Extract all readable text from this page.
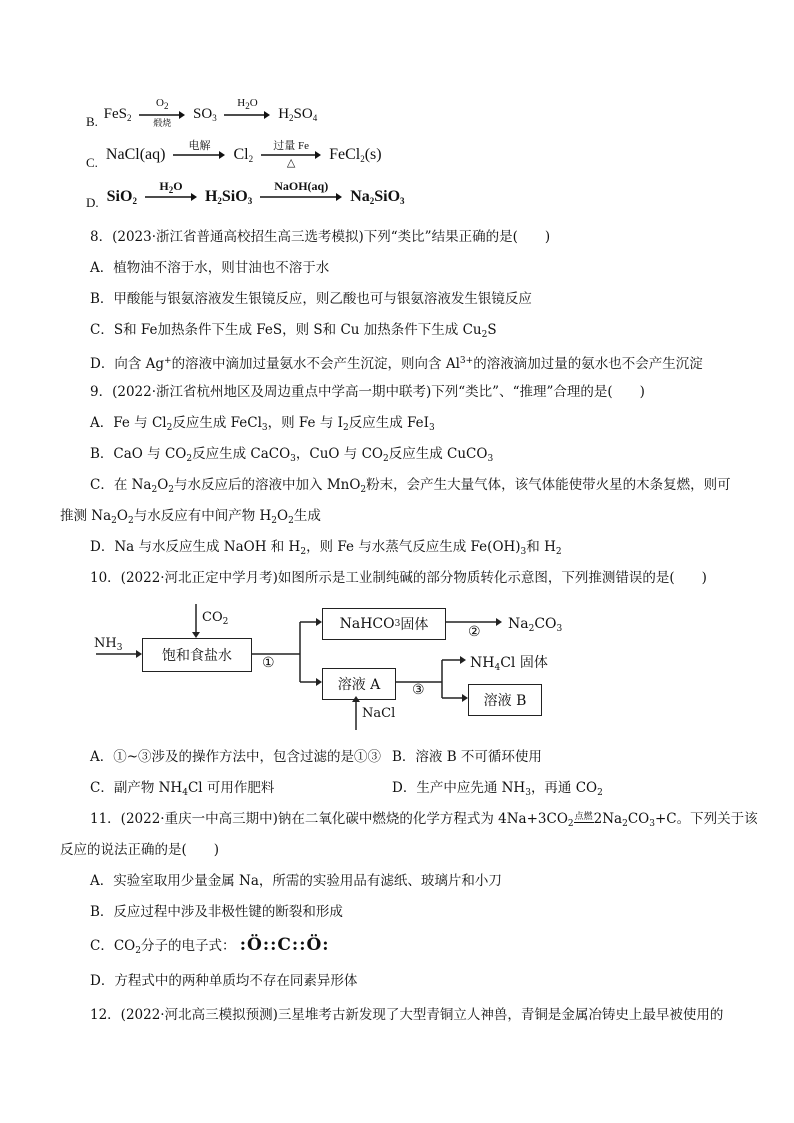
B. FeS$_2$
$O_2$
煅烧
$SO_3$
$H_2O$
$H_2SO_4$
$_{C.}$ NaCl(aq)	电解	$Cl_2$
过量 Fe
△
FeCl$_2$(s)
$_{D.}$ SiO$_2$
$H_2O$
$H_2SiO_3$
NaOH(aq)
$Na_2SiO_3$
8．(2023·浙江省普通高校招生高三选考模拟)下列“类比”结果正确的是(　　)
A．植物油不溶于水，则甘油也不溶于水
B．甲酸能与银氨溶液发生银镜反应，则乙酸也可与银氨溶液发生银镜反应
C．S和 Fe加热条件下生成 FeS，则 S和 Cu 加热条件下生成 $Cu_2S$
D．向含 Ag+的溶液中滴加过量氨水不会产生沉淀，则向含 $Al^{3+}$的溶液滴加过量的氨水也不会产生沉淀
9．(2022·浙江省杭州地区及周边重点中学高一期中联考)下列“类比”、“推理”合理的是(　　)
A．Fe 与 $Cl_2$反应生成 FeCl$_3$，则 Fe 与 $I_2$反应生成 FeI$_3$
B．CaO 与 $CO_2$反应生成 CaCO$_3$，CuO 与 $CO_2$反应生成 CuCO$_3$
C．在 $Na_2O_2$与水反应后的溶液中加入 MnO$_2$粉末，会产生大量气体，该气体能使带火星的木条复燃，则可
推测 $Na_2O_2$与水反应有中间产物 $H_2O_2$生成
D．Na 与水反应生成 NaOH 和 $H_2$，则 Fe 与水蒸气反应生成 $Fe(OH)_3$和 $H_2$
10．(2022·河北正定中学月考)如图所示是工业制纯碱的部分物质转化示意图，下列推测错误的是(　　)
$NH_3$
$CO_2$
饱和食盐水	①
NaHCO 3 固体	② $Na_2CO_3$
溶液 A	③
NaCl
$NH_4Cl$ 固体
溶液 B
A．①~③涉及的操作方法中，包含过滤的是①③ B．溶液 B 不可循环使用
C．副产物 $NH_4Cl$ 可用作肥料	D．生产中应先通 $NH_3$，再通 $CO_2$
11．(2022·重庆一中高三期中)钠在二氧化碳中燃烧的化学方程式为 $4Na+3CO_2$点燃$2Na_2CO_3+C$。下列关于该
反应的说法正确的是(　　)
A．实验室取用少量金属 Na，所需的实验用品有滤纸、玻璃片和小刀
B．反应过程中涉及非极性键的断裂和形成
C．$CO_2$分子的电子式： :Ö::C::Ö:
D．方程式中的两种单质均不存在同素异形体
12．(2022·河北高三模拟预测)三星堆考古新发现了大型青铜立人神兽，青铜是金属冶铸史上最早被使用的
